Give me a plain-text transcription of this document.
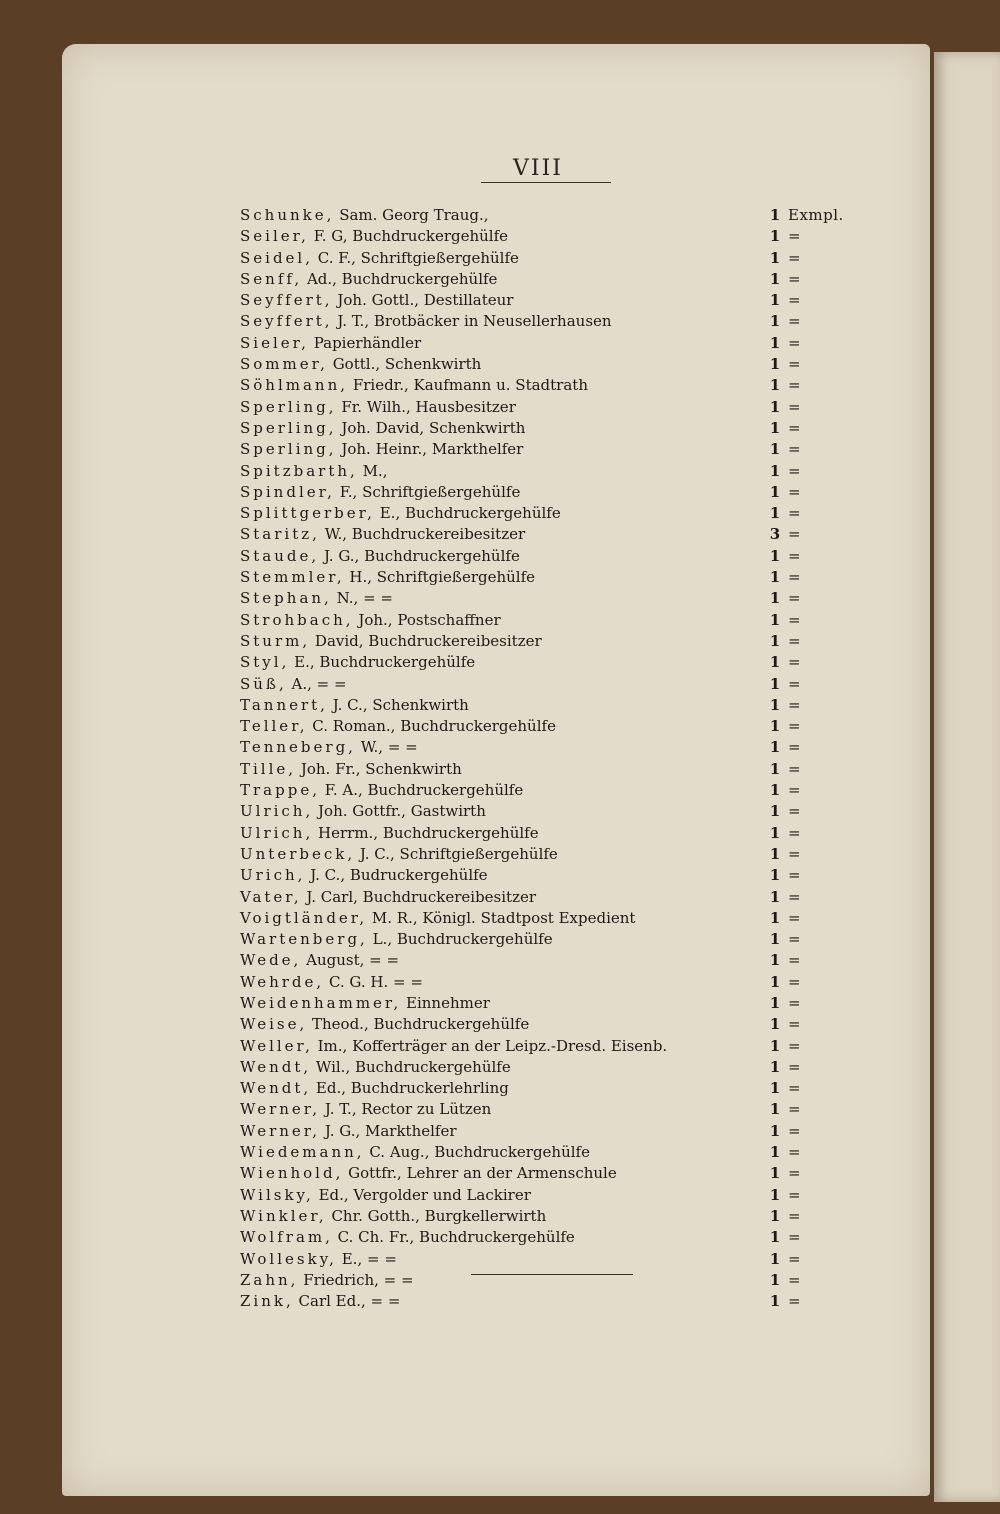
VIII
Schunke, Sam. Georg Traug.,	1 Exmpl.
Seiler, F. G, Buchdruckergehülfe	1 =
Seidel, C. F., Schriftgießergehülfe	1 =
Senff, Ad., Buchdruckergehülfe	1 =
Seyffert, Joh. Gottl., Destillateur	1 =
Seyffert, J. T., Brotbäcker in Neusellerhausen	1 =
Sieler, Papierhändler	1 =
Sommer, Gottl., Schenkwirth	1 =
Söhlmann, Friedr., Kaufmann u. Stadtrath	1 =
Sperling, Fr. Wilh., Hausbesitzer	1 =
Sperling, Joh. David, Schenkwirth	1 =
Sperling, Joh. Heinr., Markthelfer	1 =
Spitzbarth, M.,	1 =
Spindler, F., Schriftgießergehülfe	1 =
Splittgerber, E., Buchdruckergehülfe	1 =
Staritz, W., Buchdruckereibesitzer	3 =
Staude, J. G., Buchdruckergehülfe	1 =
Stemmler, H., Schriftgießergehülfe	1 =
Stephan, N., = =	1 =
Strohbach, Joh., Postschaffner	1 =
Sturm, David, Buchdruckereibesitzer	1 =
Styl, E., Buchdruckergehülfe	1 =
Süß, A., = =	1 =
Tannert, J. C., Schenkwirth	1 =
Teller, C. Roman., Buchdruckergehülfe	1 =
Tenneberg, W., = =	1 =
Tille, Joh. Fr., Schenkwirth	1 =
Trappe, F. A., Buchdruckergehülfe	1 =
Ulrich, Joh. Gottfr., Gastwirth	1 =
Ulrich, Herrm., Buchdruckergehülfe	1 =
Unterbeck, J. C., Schriftgießergehülfe	1 =
Urich, J. C., Budruckergehülfe	1 =
Vater, J. Carl, Buchdruckereibesitzer	1 =
Voigtländer, M. R., Königl. Stadtpost Expedient	1 =
Wartenberg, L., Buchdruckergehülfe	1 =
Wede, August, = =	1 =
Wehrde, C. G. H. = =	1 =
Weidenhammer, Einnehmer	1 =
Weise, Theod., Buchdruckergehülfe	1 =
Weller, Im., Kofferträger an der Leipz.-Dresd. Eisenb.	1 =
Wendt, Wil., Buchdruckergehülfe	1 =
Wendt, Ed., Buchdruckerlehrling	1 =
Werner, J. T., Rector zu Lützen	1 =
Werner, J. G., Markthelfer	1 =
Wiedemann, C. Aug., Buchdruckergehülfe	1 =
Wienhold, Gottfr., Lehrer an der Armenschule	1 =
Wilsky, Ed., Vergolder und Lackirer	1 =
Winkler, Chr. Gotth., Burgkellerwirth	1 =
Wolfram, C. Ch. Fr., Buchdruckergehülfe	1 =
Wollesky, E., = =	1 =
Zahn, Friedrich, = =	1 =
Zink, Carl Ed., = =	1 =
